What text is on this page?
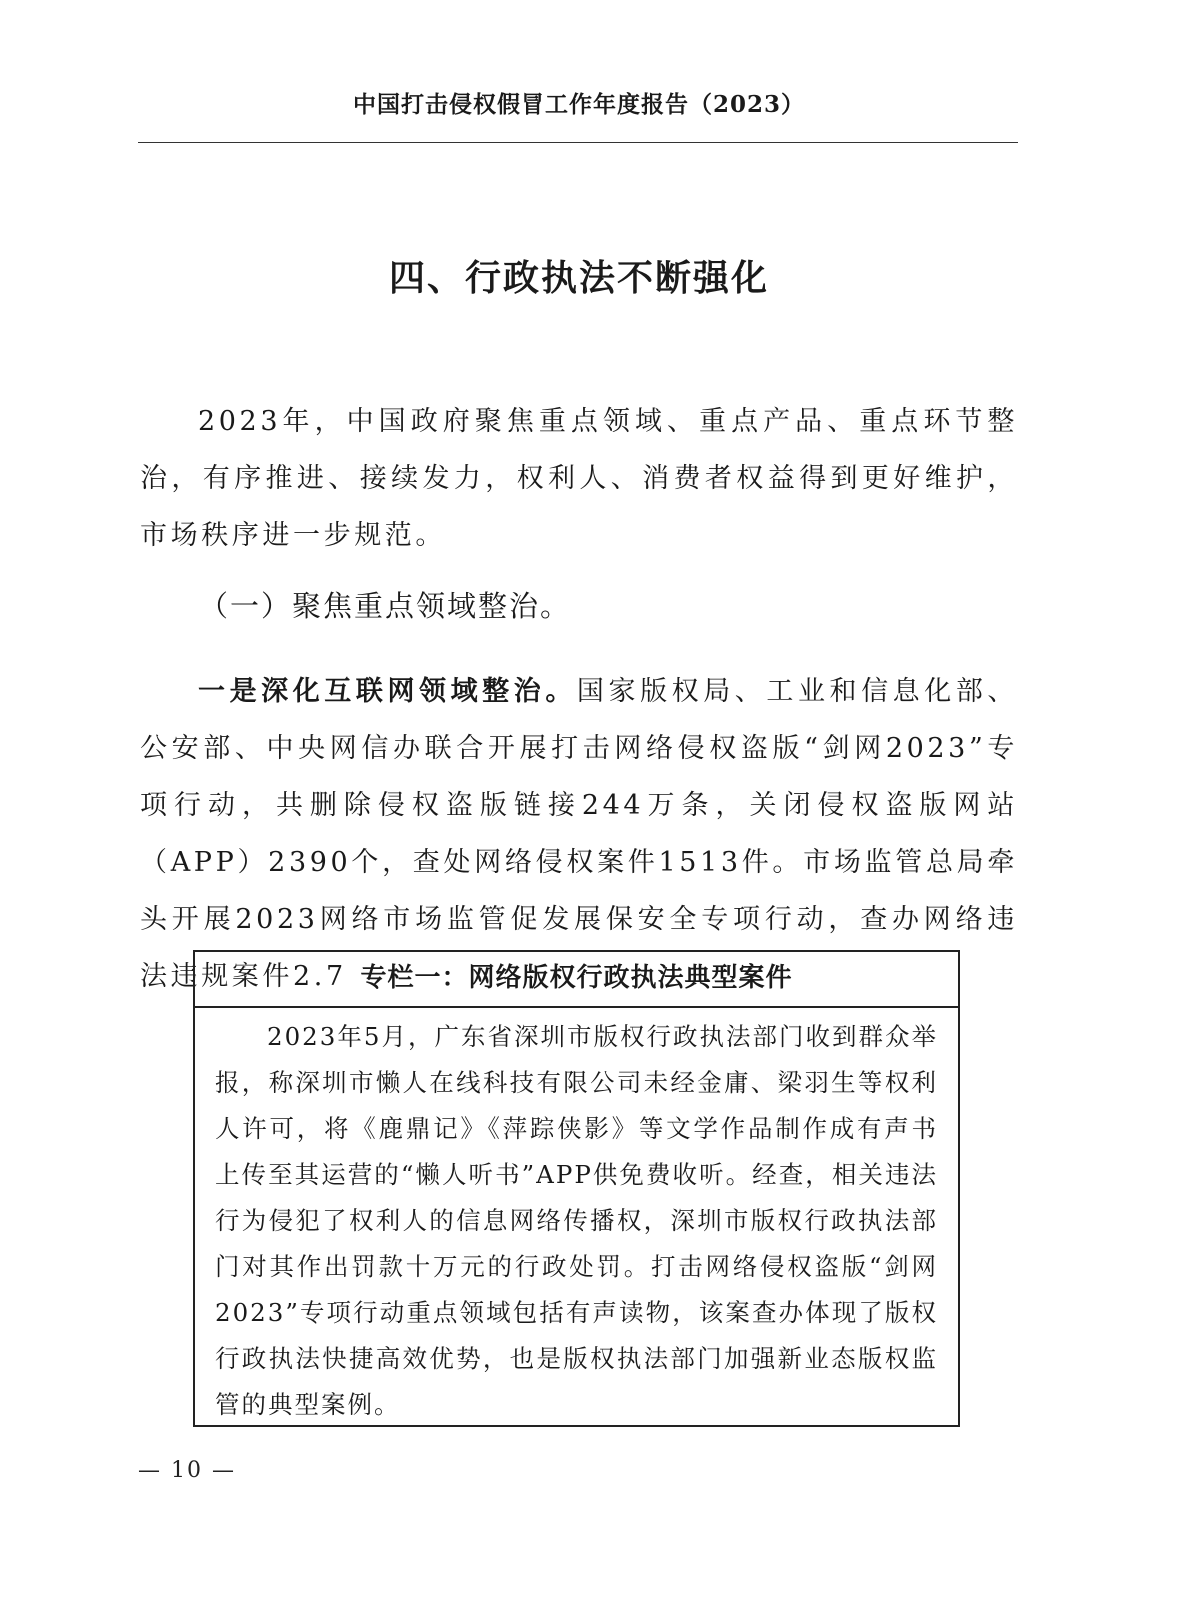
中国打击侵权假冒工作年度报告（2023）
四、行政执法不断强化

2023年，中国政府聚焦重点领域、重点产品、重点环节整治，有序推进、接续发力，权利人、消费者权益得到更好维护，市场秩序进一步规范。

（一）聚焦重点领域整治。

一是深化互联网领域整治。国家版权局、工业和信息化部、公安部、中央网信办联合开展打击网络侵权盗版“剑网2023”专项行动，共删除侵权盗版链接244万条，关闭侵权盗版网站（APP）2390个，查处网络侵权案件1513件。市场监管总局牵头开展2023网络市场监管促发展保安全专项行动，查办网络违法违规案件2.7 专栏一：网络版权行政执法典型案件

2023年5月，广东省深圳市版权行政执法部门收到群众举报，称深圳市懒人在线科技有限公司未经金庸、梁羽生等权利人许可，将《鹿鼎记》《萍踪侠影》等文学作品制作成有声书上传至其运营的“懒人听书”APP供免费收听。经查，相关违法行为侵犯了权利人的信息网络传播权，深圳市版权行政执法部门对其作出罚款十万元的行政处罚。打击网络侵权盗版“剑网2023”专项行动重点领域包括有声读物，该案查办体现了版权行政执法快捷高效优势，也是版权执法部门加强新业态版权监管的典型案例。

— 10 —
